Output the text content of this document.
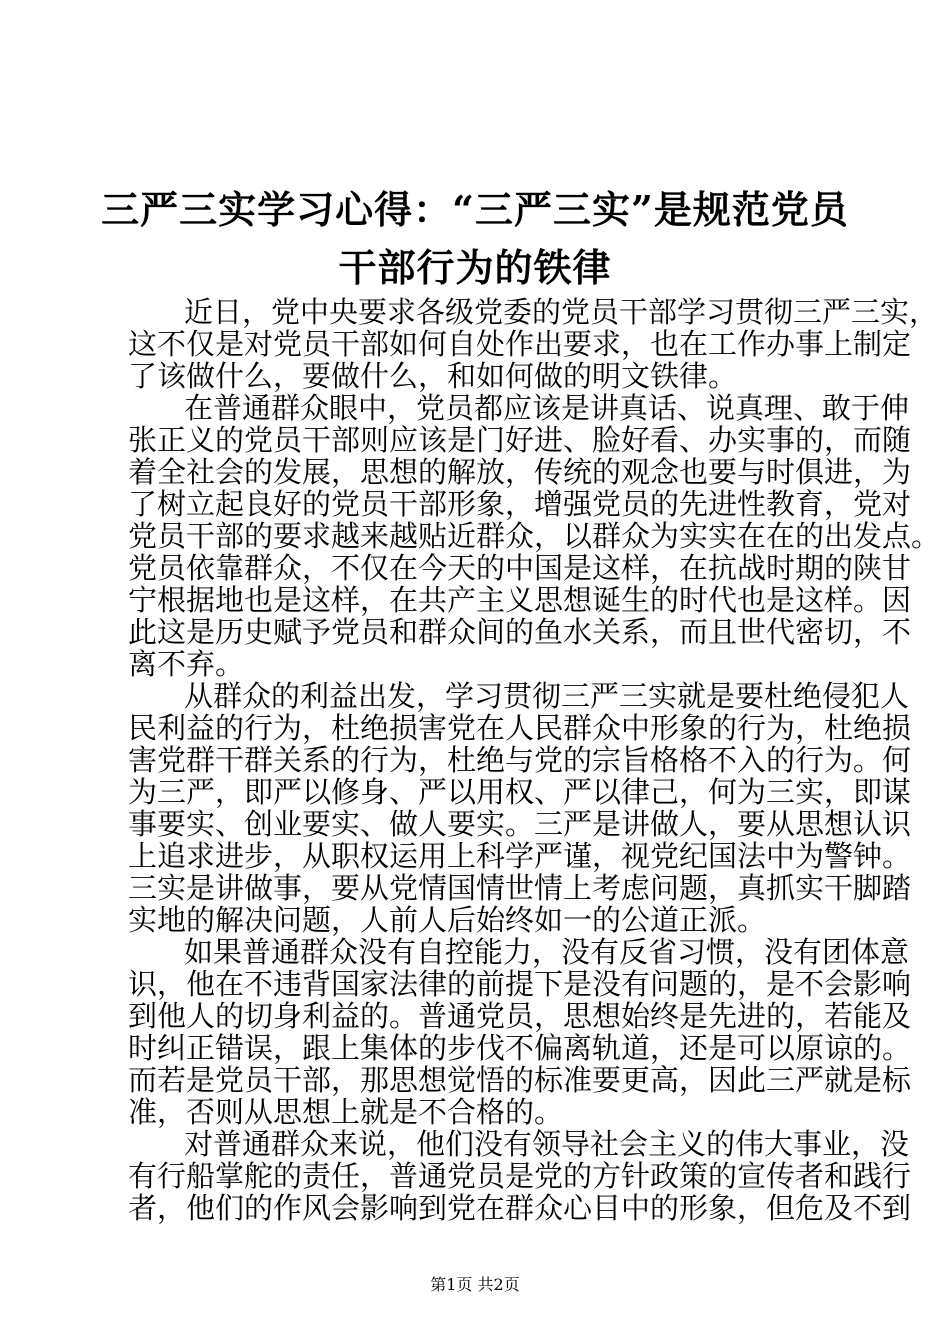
三严三实学习心得：“三严三实”是规范党员
干部行为的铁律
近日，党中央要求各级党委的党员干部学习贯彻三严三实，
这不仅是对党员干部如何自处作出要求，也在工作办事上制定
了该做什么，要做什么，和如何做的明文铁律。
在普通群众眼中，党员都应该是讲真话、说真理、敢于伸
张正义的党员干部则应该是门好进、脸好看、办实事的，而随
着全社会的发展，思想的解放，传统的观念也要与时俱进，为
了树立起良好的党员干部形象，增强党员的先进性教育，党对
党员干部的要求越来越贴近群众，以群众为实实在在的出发点。
党员依靠群众，不仅在今天的中国是这样，在抗战时期的陕甘
宁根据地也是这样，在共产主义思想诞生的时代也是这样。因
此这是历史赋予党员和群众间的鱼水关系，而且世代密切，不
离不弃。
从群众的利益出发，学习贯彻三严三实就是要杜绝侵犯人
民利益的行为，杜绝损害党在人民群众中形象的行为，杜绝损
害党群干群关系的行为，杜绝与党的宗旨格格不入的行为。何
为三严，即严以修身、严以用权、严以律己，何为三实，即谋
事要实、创业要实、做人要实。三严是讲做人，要从思想认识
上追求进步，从职权运用上科学严谨，视党纪国法中为警钟。
三实是讲做事，要从党情国情世情上考虑问题，真抓实干脚踏
实地的解决问题，人前人后始终如一的公道正派。
如果普通群众没有自控能力，没有反省习惯，没有团体意
识，他在不违背国家法律的前提下是没有问题的，是不会影响
到他人的切身利益的。普通党员，思想始终是先进的，若能及
时纠正错误，跟上集体的步伐不偏离轨道，还是可以原谅的。
而若是党员干部，那思想觉悟的标准要更高，因此三严就是标
准，否则从思想上就是不合格的。
对普通群众来说，他们没有领导社会主义的伟大事业，没
有行船掌舵的责任，普通党员是党的方针政策的宣传者和践行
者，他们的作风会影响到党在群众心目中的形象，但危及不到
第1页 共2页
